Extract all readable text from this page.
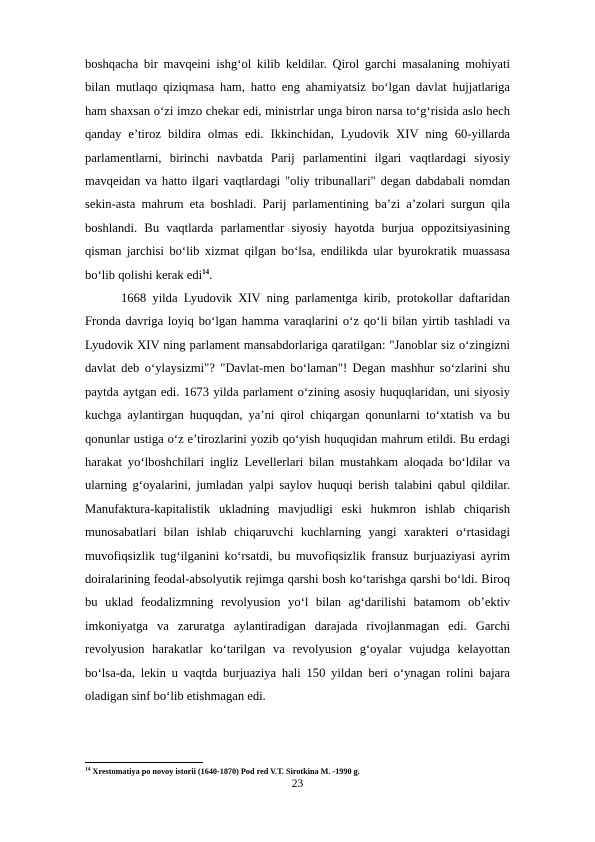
boshqacha bir mavqeini ishg‘ol kilib keldilar. Qirol garchi masalaning mohiyati bilan mutlaqo qiziqmasa ham, hatto eng ahamiyatsiz bo‘lgan davlat hujjatlariga ham shaxsan o‘zi imzo chekar edi, ministrlar unga biron narsa to‘g‘risida aslo hech qanday e’tiroz bildira olmas edi. Ikkinchidan, Lyudovik XIV ning 60-yillarda parlamentlarni, birinchi navbatda Parij parlamentini ilgari vaqtlardagi siyosiy mavqeidan va hatto ilgari vaqtlardagi "oliy tribunallari" degan dabdabali nomdan sekin-asta mahrum eta boshladi. Parij parlamentining ba’zi a’zolari surgun qila boshlandi. Bu vaqtlarda parlamentlar siyosiy hayotda burjua oppozitsiyasining qisman jarchisi bo‘lib xizmat qilgan bo‘lsa, endilikda ular byurokratik muassasa bo‘lib qolishi kerak edi$^{14}$.

1668 yilda Lyudovik XIV ning parlamentga kirib, protokollar daftaridan Fronda davriga loyiq bo‘lgan hamma varaqlarini o‘z qo‘li bilan yirtib tashladi va Lyudovik XIV ning parlament mansabdorlariga qaratilgan: "Janoblar siz o‘zingizni davlat deb o‘ylaysizmi"? "Davlat-men bo‘laman"! Degan mashhur so‘zlarini shu paytda aytgan edi. 1673 yilda parlament o‘zining asosiy huquqlaridan, uni siyosiy kuchga aylantirgan huquqdan, ya’ni qirol chiqargan qonunlarni to‘xtatish va bu qonunlar ustiga o‘z e’tirozlarini yozib qo‘yish huquqidan mahrum etildi. Bu erdagi harakat yo‘lboshchilari ingliz Levellerlari bilan mustahkam aloqada bo‘ldilar va ularning g‘oyalarini, jumladan yalpi saylov huquqi berish talabini qabul qildilar. Manufaktura-kapitalistik ukladning mavjudligi eski hukmron ishlab chiqarish munosabatlari bilan ishlab chiqaruvchi kuchlarning yangi xarakteri o‘rtasidagi muvofiqsizlik tug‘ilganini ko‘rsatdi, bu muvofiqsizlik fransuz burjuaziyasi ayrim doiralarining feodal-absolyutik rejimga qarshi bosh ko‘tarishga qarshi bo‘ldi. Biroq bu uklad feodalizmning revolyusion yo‘l bilan ag‘darilishi batamom ob’ektiv imkoniyatga va zaruratga aylantiradigan darajada rivojlanmagan edi. Garchi revolyusion harakatlar ko‘tarilgan va revolyusion g‘oyalar vujudga kelayottan bo‘lsa-da, lekin u vaqtda burjuaziya hali 150 yildan beri o‘ynagan rolini bajara oladigan sinf bo‘lib etishmagan edi.

$^{14}$ Xrestomatiya po novoy istorii (1640-1870) Pod red V.T. Sirotkina M. -1990 g.
23
